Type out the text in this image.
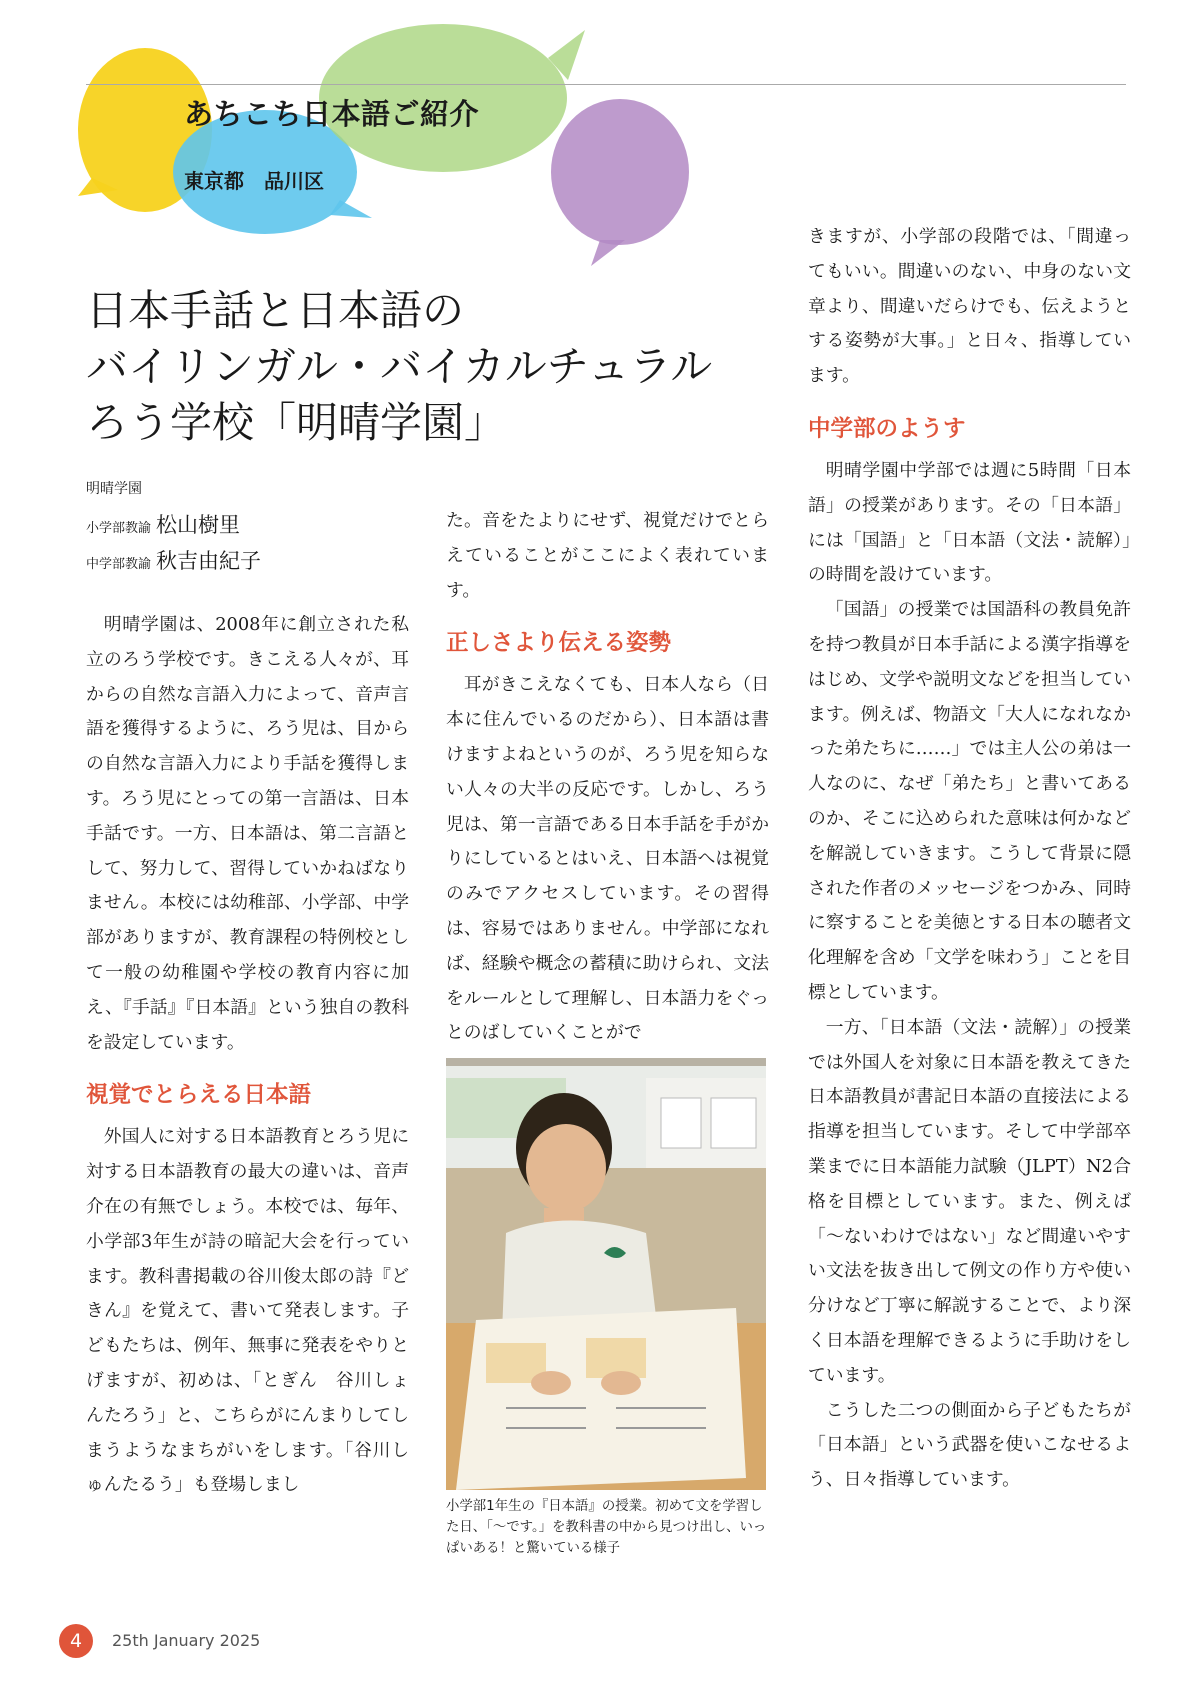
あちこち日本語ご紹介
東京都　品川区
日本手話と日本語の
バイリンガル・バイカルチュラル
ろう学校「明晴学園」
明晴学園
小学部教諭 松山樹里
中学部教諭 秋吉由紀子

明晴学園は、2008年に創立された私立のろう学校です。きこえる人々が、耳からの自然な言語入力によって、音声言語を獲得するように、ろう児は、目からの自然な言語入力により手話を獲得します。ろう児にとっての第一言語は、日本手話です。一方、日本語は、第二言語として、努力して、習得していかねばなりません。本校には幼稚部、小学部、中学部がありますが、教育課程の特例校として一般の幼稚園や学校の教育内容に加え、『手話』『日本語』という独自の教科を設定しています。

視覚でとらえる日本語

外国人に対する日本語教育とろう児に対する日本語教育の最大の違いは、音声介在の有無でしょう。本校では、毎年、小学部3年生が詩の暗記大会を行っています。教科書掲載の谷川俊太郎の詩『どきん』を覚えて、書いて発表します。子どもたちは、例年、無事に発表をやりとげますが、初めは、「とぎん　谷川しょんたろう」と、こちらがにんまりしてしまうようなまちがいをします。「谷川しゅんたるう」も登場しまし

た。音をたよりにせず、視覚だけでとらえていることがここによく表れています。

正しさより伝える姿勢

耳がきこえなくても、日本人なら（日本に住んでいるのだから）、日本語は書けますよねというのが、ろう児を知らない人々の大半の反応です。しかし、ろう児は、第一言語である日本手話を手がかりにしているとはいえ、日本語へは視覚のみでアクセスしています。その習得は、容易ではありません。中学部になれば、経験や概念の蓄積に助けられ、文法をルールとして理解し、日本語力をぐっとのばしていくことがで

小学部1年生の『日本語』の授業。初めて文を学習した日、「〜です。」を教科書の中から見つけ出し、いっぱいある！と驚いている様子

きますが、小学部の段階では、「間違ってもいい。間違いのない、中身のない文章より、間違いだらけでも、伝えようとする姿勢が大事。」と日々、指導しています。

中学部のようす

明晴学園中学部では週に5時間「日本語」の授業があります。その「日本語」には「国語」と「日本語（文法・読解）」の時間を設けています。

「国語」の授業では国語科の教員免許を持つ教員が日本手話による漢字指導をはじめ、文学や説明文などを担当しています。例えば、物語文「大人になれなかった弟たちに……」では主人公の弟は一人なのに、なぜ「弟たち」と書いてあるのか、そこに込められた意味は何かなどを解説していきます。こうして背景に隠された作者のメッセージをつかみ、同時に察することを美徳とする日本の聴者文化理解を含め「文学を味わう」ことを目標としています。

一方、「日本語（文法・読解）」の授業では外国人を対象に日本語を教えてきた日本語教員が書記日本語の直接法による指導を担当しています。そして中学部卒業までに日本語能力試験（JLPT）N2合格を目標としています。また、例えば「〜ないわけではない」など間違いやすい文法を抜き出して例文の作り方や使い分けなど丁寧に解説することで、より深く日本語を理解できるように手助けをしています。

こうした二つの側面から子どもたちが「日本語」という武器を使いこなせるよう、日々指導しています。

4	25th January 2025
